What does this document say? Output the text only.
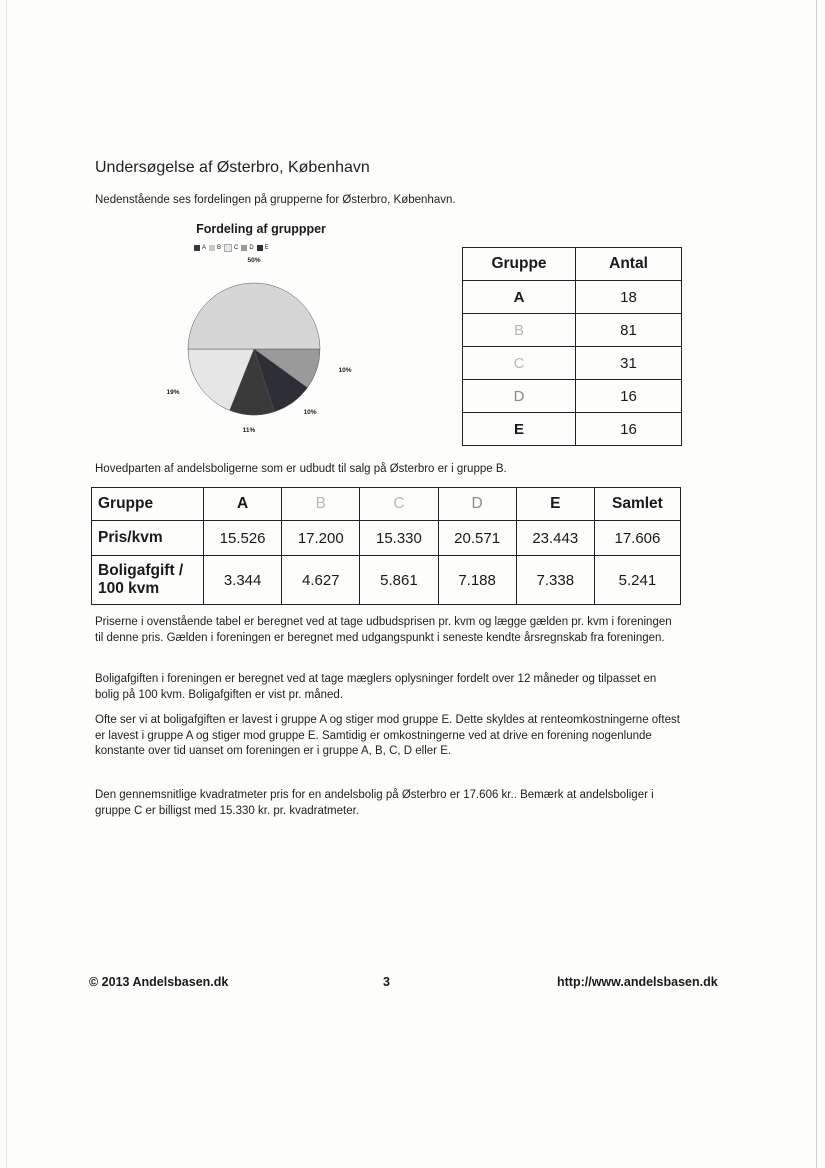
Undersøgelse af Østerbro, København
Nedenstående ses fordelingen på grupperne for Østerbro, København.
Fordeling af gruppper
A B C D E
11%
50%
19%
10%
10%
Gruppe	Antal
A	18
B	81
C	31
D	16
E	16
Hovedparten af andelsboligerne som er udbudt til salg på Østerbro er i gruppe B.
Gruppe	A	B	C	D	E	Samlet
Pris/kvm	15.526	17.200	15.330	20.571	23.443	17.606

Boligafgift /
100 kvm	3.344	4.627	5.861	7.188	7.338	5.241
Priserne i ovenstående tabel er beregnet ved at tage udbudsprisen pr. kvm og lægge gælden pr. kvm i foreningen til denne pris. Gælden i foreningen er beregnet med udgangspunkt i seneste kendte årsregnskab fra foreningen.
Boligafgiften i foreningen er beregnet ved at tage mæglers oplysninger fordelt over 12 måneder og tilpasset en bolig på 100 kvm. Boligafgiften er vist pr. måned.
Ofte ser vi at boligafgiften er lavest i gruppe A og stiger mod gruppe E. Dette skyldes at renteomkostningerne oftest er lavest i gruppe A og stiger mod gruppe E. Samtidig er omkostningerne ved at drive en forening nogenlunde konstante over tid uanset om foreningen er i gruppe A, B, C, D eller E.
Den gennemsnitlige kvadratmeter pris for en andelsbolig på Østerbro er 17.606 kr.. Bemærk at andelsboliger i gruppe C er billigst med 15.330 kr. pr. kvadratmeter.
© 2013 Andelsbasen.dk	3	http://www.andelsbasen.dk
